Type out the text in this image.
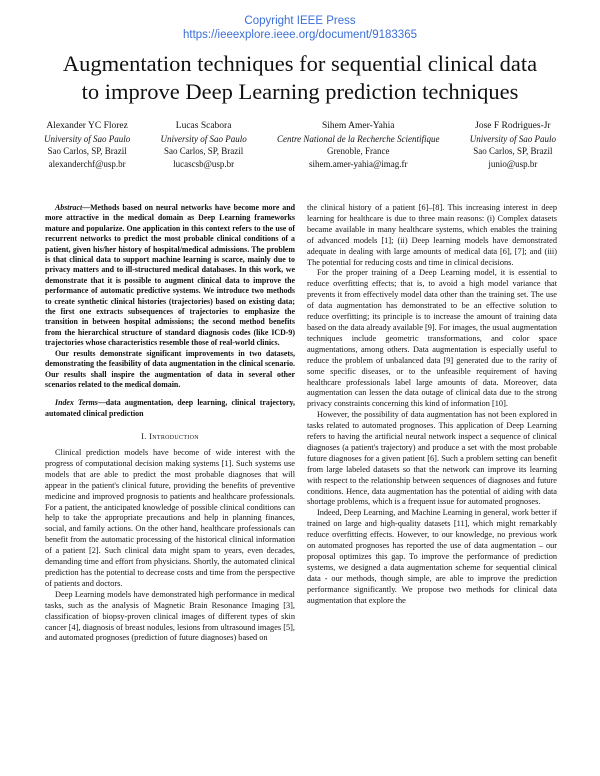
Copyright IEEE Press
https://ieeexplore.ieee.org/document/9183365
Augmentation techniques for sequential clinical data
to improve Deep Learning prediction techniques
Alexander YC Florez
University of Sao Paulo
Sao Carlos, SP, Brazil
alexanderchf@usp.br
Lucas Scabora
University of Sao Paulo
Sao Carlos, SP, Brazil
lucascsb@usp.br
Sihem Amer-Yahia
Centre National de la Recherche Scientifique
Grenoble, France
sihem.amer-yahia@imag.fr
Jose F Rodrigues-Jr
University of Sao Paulo
Sao Carlos, SP, Brazil
junio@usp.br

Abstract—Methods based on neural networks have become more and more attractive in the medical domain as Deep Learning frameworks mature and popularize. One application in this context refers to the use of recurrent networks to predict the most probable clinical conditions of a patient, given his/her history of hospital/medical admissions. The problem is that clinical data to support machine learning is scarce, mainly due to privacy matters and to ill-structured medical databases. In this work, we demonstrate that it is possible to augment clinical data to improve the performance of automatic predictive systems. We introduce two methods to create synthetic clinical histories (trajectories) based on existing data; the first one extracts subsequences of trajectories to emphasize the transition in between hospital admissions; the second method benefits from the hierarchical structure of standard diagnosis codes (like ICD-9) trajectories whose characteristics resemble those of real-world clinics.

Our results demonstrate significant improvements in two datasets, demonstrating the feasibility of data augmentation in the clinical scenario. Our results shall inspire the augmentation of data in several other scenarios related to the medical domain.

Index Terms—data augmentation, deep learning, clinical trajectory, automated clinical prediction

I. Introduction

Clinical prediction models have become of wide interest with the progress of computational decision making systems [1]. Such systems use models that are able to predict the most probable diagnoses that will appear in the patient's clinical future, providing the benefits of preventive medicine and improved prognosis to patients and healthcare professionals. For a patient, the anticipated knowledge of possible clinical conditions can help to take the appropriate precautions and help in planning finances, social, and family actions. On the other hand, healthcare professionals can benefit from the automatic processing of the historical clinical information of a patient [2]. Such clinical data might spam to years, even decades, demanding time and effort from physicians. Shortly, the automated clinical prediction has the potential to decrease costs and time from the perspective of patients and doctors.

Deep Learning models have demonstrated high performance in medical tasks, such as the analysis of Magnetic Brain Resonance Imaging [3], classification of biopsy-proven clinical images of different types of skin cancer [4], diagnosis of breast nodules, lesions from ultrasound images [5], and automated prognoses (prediction of future diagnoses) based on

the clinical history of a patient [6]–[8]. This increasing interest in deep learning for healthcare is due to three main reasons: (i) Complex datasets became available in many healthcare systems, which enables the training of advanced models [1]; (ii) Deep learning models have demonstrated adequate in dealing with large amounts of medical data [6], [7]; and (iii) The potential for reducing costs and time in clinical decisions.

For the proper training of a Deep Learning model, it is essential to reduce overfitting effects; that is, to avoid a high model variance that prevents it from effectively model data other than the training set. The use of data augmentation has demonstrated to be an effective solution to reduce overfitting; its principle is to increase the amount of training data based on the data already available [9]. For images, the usual augmentation techniques include geometric transformations, and color space augmentations, among others. Data augmentation is especially useful to reduce the problem of unbalanced data [9] generated due to the rarity of some specific diseases, or to the unfeasible requirement of having healthcare professionals label large amounts of data. Moreover, data augmentation can lessen the data outage of clinical data due to the strong privacy constraints concerning this kind of information [10].

However, the possibility of data augmentation has not been explored in tasks related to automated prognoses. This application of Deep Learning refers to having the artificial neural network inspect a sequence of clinical diagnoses (a patient's trajectory) and produce a set with the most probable future diagnoses for a given patient [6]. Such a problem setting can benefit from large labeled datasets so that the network can improve its learning with respect to the relationship between sequences of diagnoses and future conditions. Hence, data augmentation has the potential of aiding with data shortage problems, which is a frequent issue for automated prognoses.

Indeed, Deep Learning, and Machine Learning in general, work better if trained on large and high-quality datasets [11], which might remarkably reduce overfitting effects. However, to our knowledge, no previous work on automated prognoses has reported the use of data augmentation – our proposal optimizes this gap. To improve the performance of prediction systems, we designed a data augmentation scheme for sequential clinical data - our methods, though simple, are able to improve the prediction performance significantly. We propose two methods for clinical data augmentation that explore the
